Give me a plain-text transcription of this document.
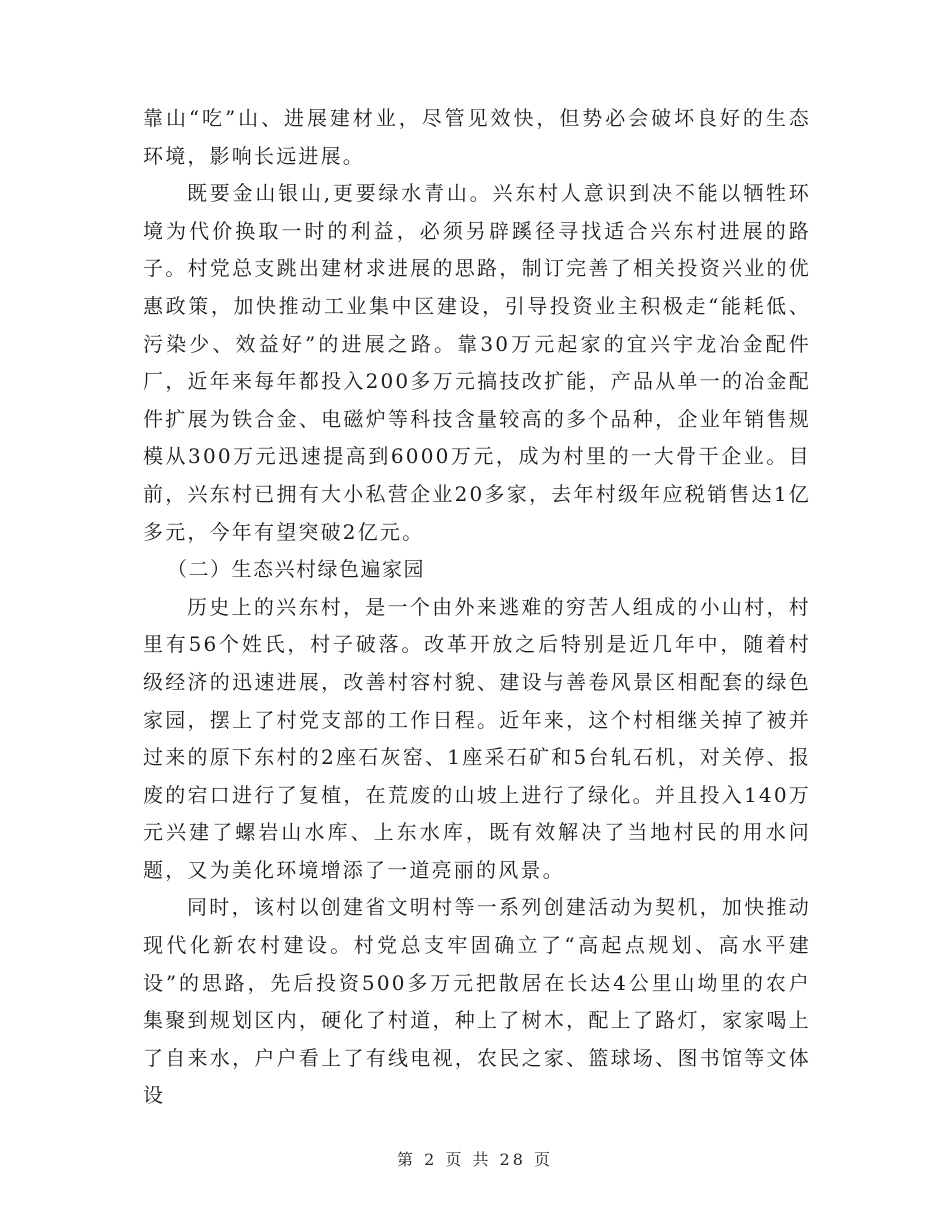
靠山“吃”山、进展建材业，尽管见效快，但势必会破坏良好的生态环境，影响长远进展。

既要金山银山,更要绿水青山。兴东村人意识到决不能以牺牲环境为代价换取一时的利益，必须另辟蹊径寻找适合兴东村进展的路子。村党总支跳出建材求进展的思路，制订完善了相关投资兴业的优惠政策，加快推动工业集中区建设，引导投资业主积极走“能耗低、污染少、效益好”的进展之路。靠30万元起家的宜兴宇龙冶金配件厂，近年来每年都投入200多万元搞技改扩能，产品从单一的冶金配件扩展为铁合金、电磁炉等科技含量较高的多个品种，企业年销售规模从300万元迅速提高到6000万元，成为村里的一大骨干企业。目前，兴东村已拥有大小私营企业20多家，去年村级年应税销售达1亿多元，今年有望突破2亿元。

（二）生态兴村绿色遍家园

历史上的兴东村，是一个由外来逃难的穷苦人组成的小山村，村里有56个姓氏，村子破落。改革开放之后特别是近几年中，随着村级经济的迅速进展，改善村容村貌、建设与善卷风景区相配套的绿色家园，摆上了村党支部的工作日程。近年来，这个村相继关掉了被并过来的原下东村的2座石灰窑、1座采石矿和5台轧石机，对关停、报废的宕口进行了复植，在荒废的山坡上进行了绿化。并且投入140万元兴建了螺岩山水库、上东水库，既有效解决了当地村民的用水问题，又为美化环境增添了一道亮丽的风景。

同时，该村以创建省文明村等一系列创建活动为契机，加快推动现代化新农村建设。村党总支牢固确立了“高起点规划、高水平建设”的思路，先后投资500多万元把散居在长达4公里山坳里的农户集聚到规划区内，硬化了村道，种上了树木，配上了路灯，家家喝上了自来水，户户看上了有线电视，农民之家、篮球场、图书馆等文体设

第 2 页 共 28 页
